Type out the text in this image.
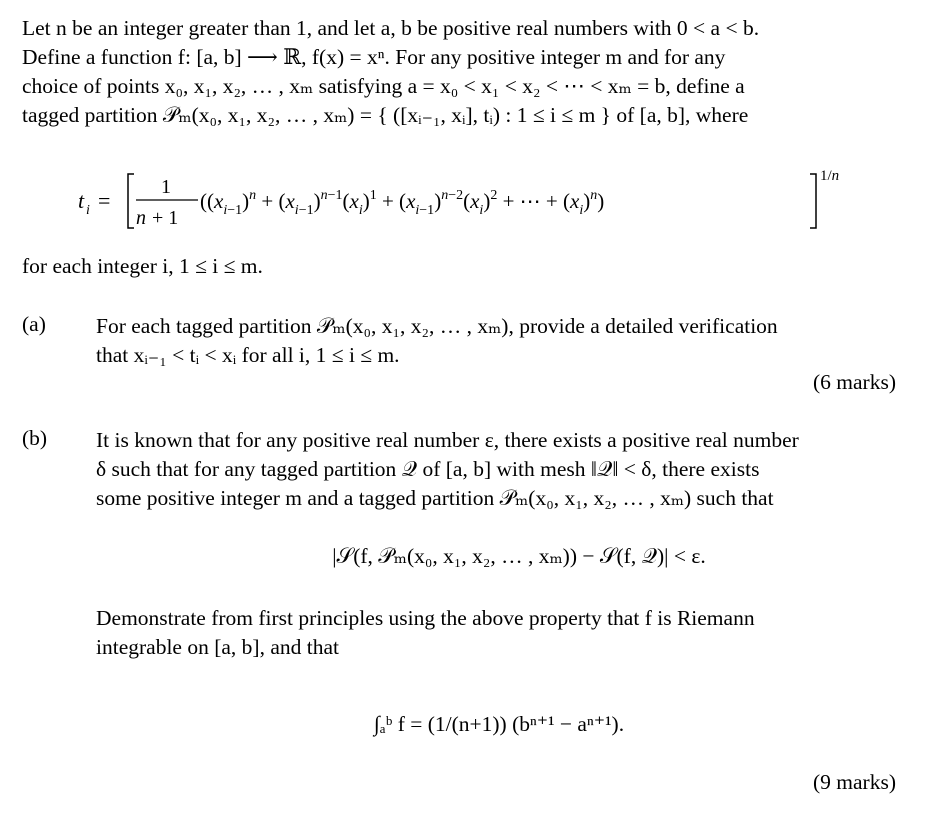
Let n be an integer greater than 1, and let a, b be positive real numbers with 0 < a < b.
Define a function f: [a, b] ⟶ ℝ, f(x) = xⁿ. For any positive integer m and for any
choice of points x₀, x₁, x₂, … , xₘ satisfying a = x₀ < x₁ < x₂ < ⋯ < xₘ = b, define a
tagged partition 𝒫ₘ(x₀, x₁, x₂, … , xₘ) = { ([xᵢ₋₁, xᵢ], tᵢ) : 1 ≤ i ≤ m } of [a, b], where
t i =
1
n + 1
($(x_i-1)^n + (x_i-1)^n-1(x_i)^1 + (x_i-1)^n-2(x_i)^2$ + ⋯ + $(x_i)^n$)
1/n
for each integer i, 1 ≤ i ≤ m.
(a) For each tagged partition 𝒫ₘ(x₀, x₁, x₂, … , xₘ), provide a detailed verification
that xᵢ₋₁ < tᵢ < xᵢ for all i, 1 ≤ i ≤ m.
(6 marks)
(b) It is known that for any positive real number ε, there exists a positive real number
δ such that for any tagged partition 𝒬 of [a, b] with mesh ‖𝒬‖ < δ, there exists
some positive integer m and a tagged partition 𝒫ₘ(x₀, x₁, x₂, … , xₘ) such that
|𝒮(f, 𝒫ₘ(x₀, x₁, x₂, … , xₘ)) − 𝒮(f, 𝒬)| < ε.
Demonstrate from first principles using the above property that f is Riemann
integrable on [a, b], and that
∫ₐᵇ f = (1/(n+1)) (bⁿ⁺¹ − aⁿ⁺¹).
(9 marks)
